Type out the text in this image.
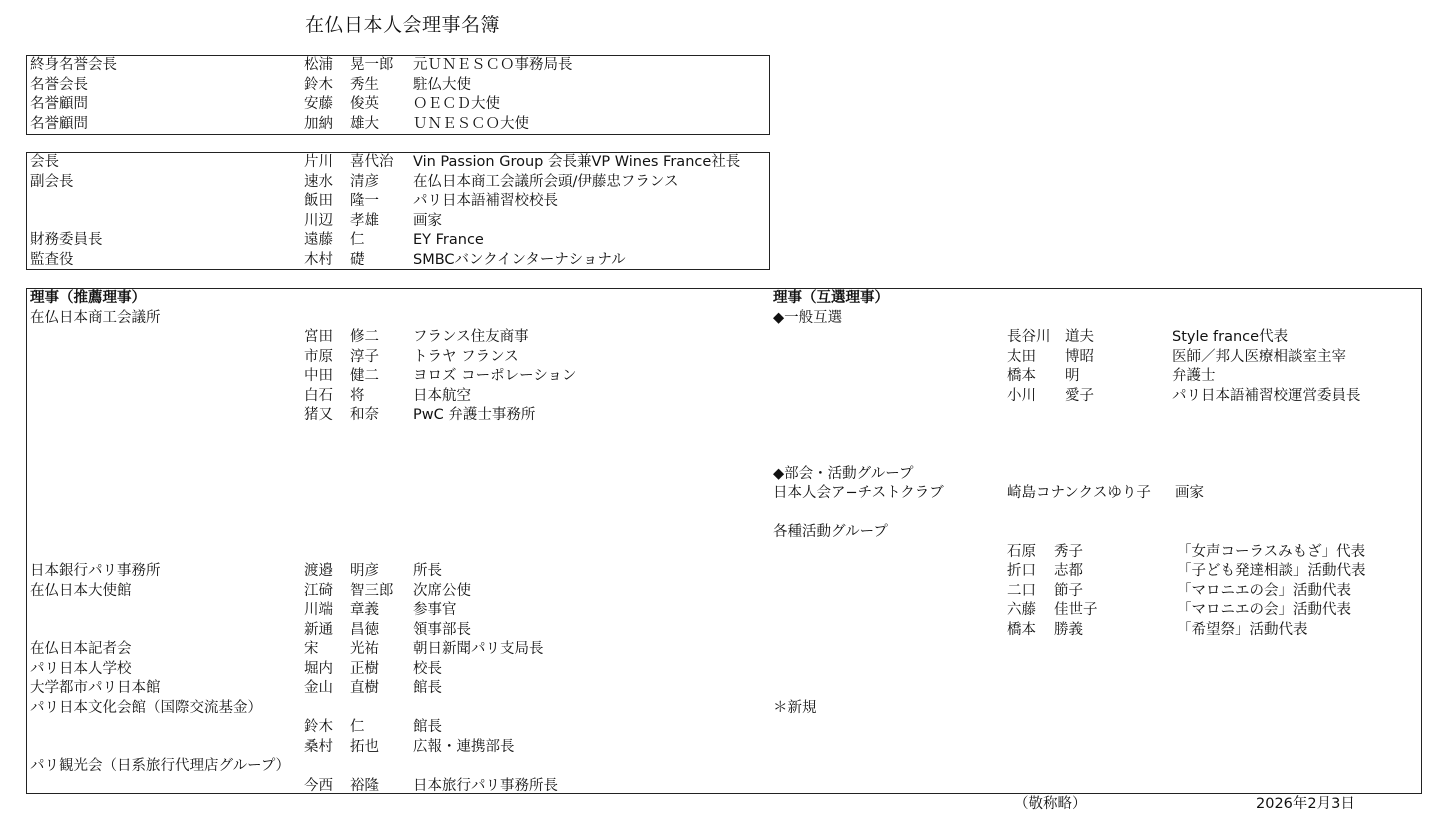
在仏日本人会理事名簿
終身名誉会長	松浦 晃一郎 元ＵＮＥＳＣＯ事務局長
名誉会長	鈴木 秀生 駐仏大使
名誉顧問	安藤 俊英 ＯＥＣＤ大使
名誉顧問	加納 雄大 ＵＮＥＳＣＯ大使
会長	片川 喜代治 Vin Passion Group 会長兼VP Wines France社長
副会長	速水 清彦 在仏日本商工会議所会頭/伊藤忠フランス
飯田 隆一 パリ日本語補習校校長
川辺 孝雄 画家
財務委員長	遠藤 仁	EY France
監査役	木村 礎	SMBCバンクインターナショナル
理事（推薦理事）
在仏日本商工会議所
宮田 修二 フランス住友商事
市原 淳子 トラヤ フランス
中田 健二 ヨロズ コーポレーション
白石 将	日本航空
猪又 和奈 PwC 弁護士事務所
日本銀行パリ事務所	渡邉 明彦 所長
在仏日本大使館	江碕 智三郎 次席公使
川端 章義 参事官
新通 昌徳 領事部長
在仏日本記者会	宋 光祐 朝日新聞パリ支局長
パリ日本人学校	堀内 正樹 校長
大学都市パリ日本館	金山 直樹 館長
パリ日本文化会館（国際交流基金）
鈴木 仁	館長
桑村 拓也 広報・連携部長
パリ観光会（日系旅行代理店グループ）
今西 裕隆 日本旅行パリ事務所長
理事（互選理事）
◆一般互選
長谷川 道夫	Style france代表
太田 博昭	医師／邦人医療相談室主宰
橋本 明	弁護士
小川 愛子	パリ日本語補習校運営委員長
◆部会・活動グループ
日本人会ア−チストクラブ	崎島コナンクスゆり子 画家
各種活動グループ
石原 秀子	「女声コーラスみもざ」代表
折口 志都	「子ども発達相談」活動代表
二口 節子	「マロニエの会」活動代表
六藤 佳世子	「マロニエの会」活動代表
橋本 勝義	「希望祭」活動代表
＊新規
（敬称略）	2026年2月3日
